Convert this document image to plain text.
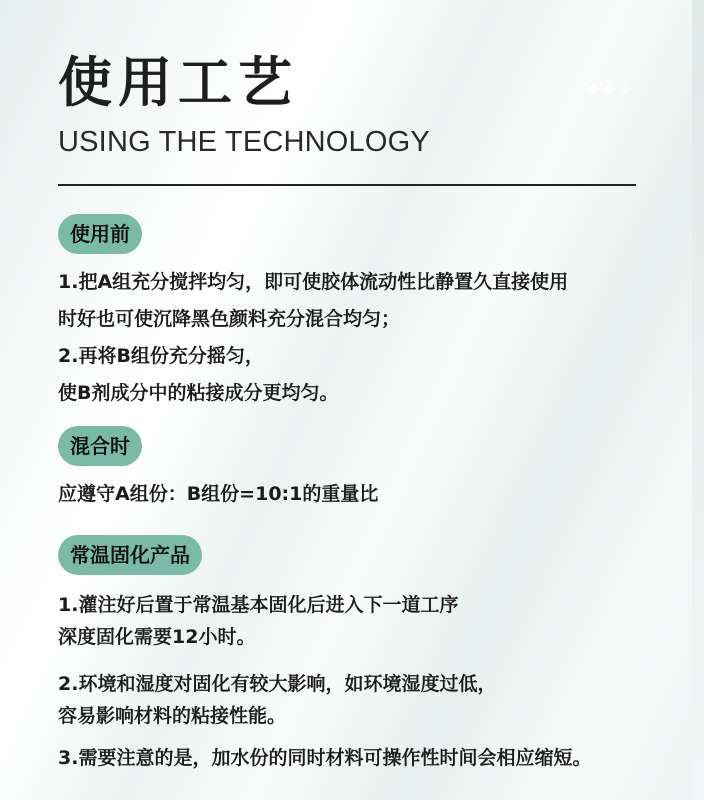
使用工艺
USING THE TECHNOLOGY
使用前
1.把A组充分搅拌均匀，即可使胶体流动性比静置久直接使用
时好也可使沉降黑色颜料充分混合均匀；
2.再将B组份充分摇匀，
使B剂成分中的粘接成分更均匀。
混合时
应遵守A组份：B组份=10:1的重量比
常温固化产品
1.灌注好后置于常温基本固化后进入下一道工序
深度固化需要12小时。
2.环境和湿度对固化有较大影响，如环境湿度过低，
容易影响材料的粘接性能。
3.需要注意的是，加水份的同时材料可操作性时间会相应缩短。
